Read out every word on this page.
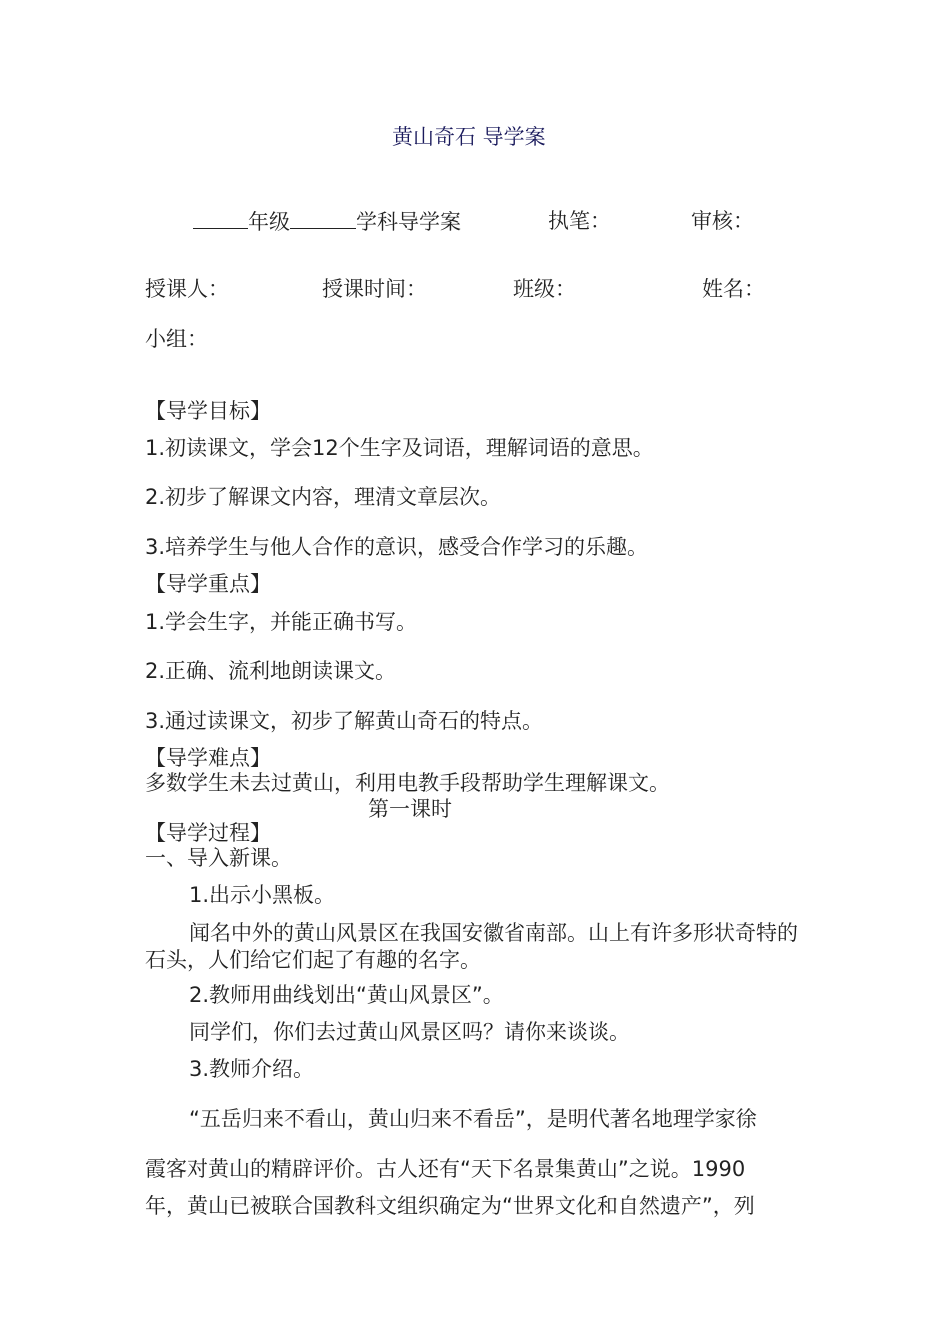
黄山奇石 导学案
年级	学科导学案	执笔：	审核：
授课人：	授课时间：	班级：	姓名：
小组：
【导学目标】
1.初读课文，学会12个生字及词语，理解词语的意思。
2.初步了解课文内容，理清文章层次。
3.培养学生与他人合作的意识，感受合作学习的乐趣。
【导学重点】
1.学会生字，并能正确书写。
2.正确、流利地朗读课文。
3.通过读课文，初步了解黄山奇石的特点。
【导学难点】
多数学生未去过黄山，利用电教手段帮助学生理解课文。
第一课时
【导学过程】
一、导入新课。
1.出示小黑板。
闻名中外的黄山风景区在我国安徽省南部。山上有许多形状奇特的石头，人们给它们起了有趣的名字。
2.教师用曲线划出“黄山风景区”。
同学们，你们去过黄山风景区吗？请你来谈谈。
3.教师介绍。
“五岳归来不看山，黄山归来不看岳”，是明代著名地理学家徐
霞客对黄山的精辟评价。古人还有“天下名景集黄山”之说。1990
年，黄山已被联合国教科文组织确定为“世界文化和自然遗产”，列
